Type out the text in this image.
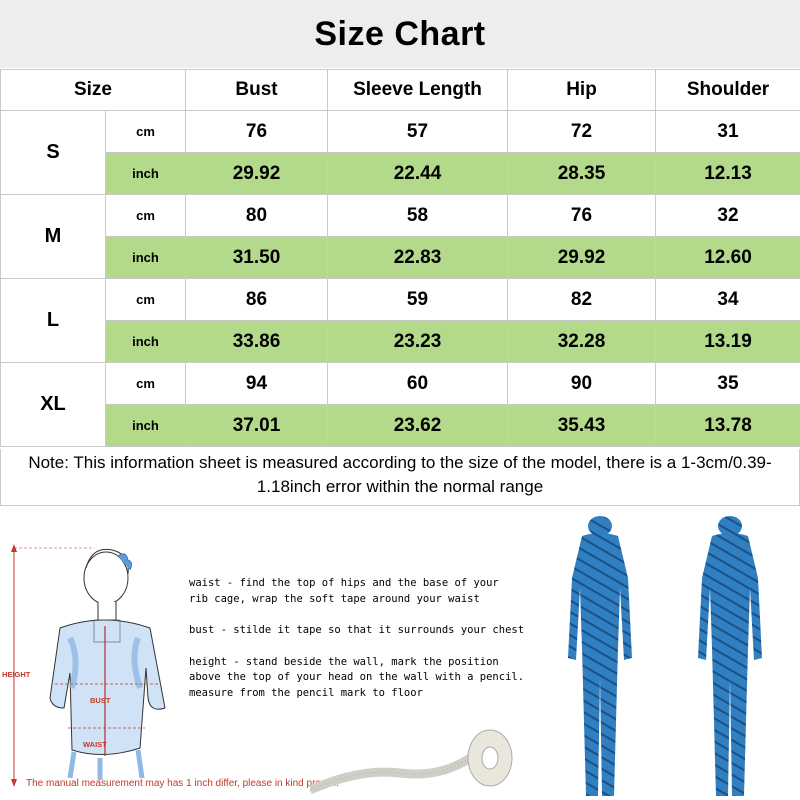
Size Chart
Size		Bust	Sleeve Length	Hip	Shoulder
S	cm	76	57	72	31
	inch	29.92	22.44	28.35	12.13
M	cm	80	58	76	32
	inch	31.50	22.83	29.92	12.60
L	cm	86	59	82	34
	inch	33.86	23.23	32.28	13.19
XL	cm	94	60	90	35
	inch	37.01	23.62	35.43	13.78
Note: This information sheet is measured according to the size of the model, there is a 1-3cm/0.39-1.18inch error within the normal range
HEIGHT
BUST
WAIST
The manual measurement may has 1 inch differ, please in kind prevail.

waist - find the top of hips and the base of your
rib cage, wrap the soft tape around your waist

bust - stilde it tape so that it surrounds your chest

height - stand beside the wall, mark the position
above the top of your head on the wall with a pencil.
measure from the pencil mark to floor
